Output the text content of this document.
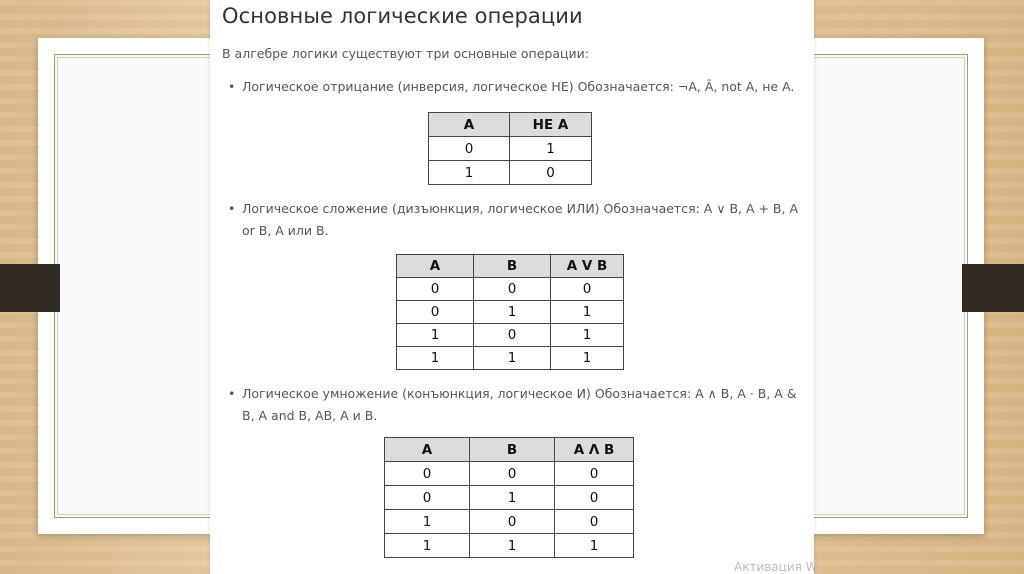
Основные логические операции

В алгебре логики существуют три основные операции:

• Логическое отрицание (инверсия, логическое НЕ) Обозначается: ¬A, Ā, not A, не A.

A	НЕ A
0	1
1	0

• Логическое сложение (дизъюнкция, логическое ИЛИ) Обозначается: A ∨ B, A + B, A or B, A или B.

A	B	A V B
0	0	0
0	1	1
1	0	1
1	1	1

• Логическое умножение (конъюнкция, логическое И) Обозначается: A ∧ B, A · B, A & B, A and B, AB, A и B.

A	B	A Λ B
0	0	0
0	1	0
1	0	0
1	1	1
Активация W
